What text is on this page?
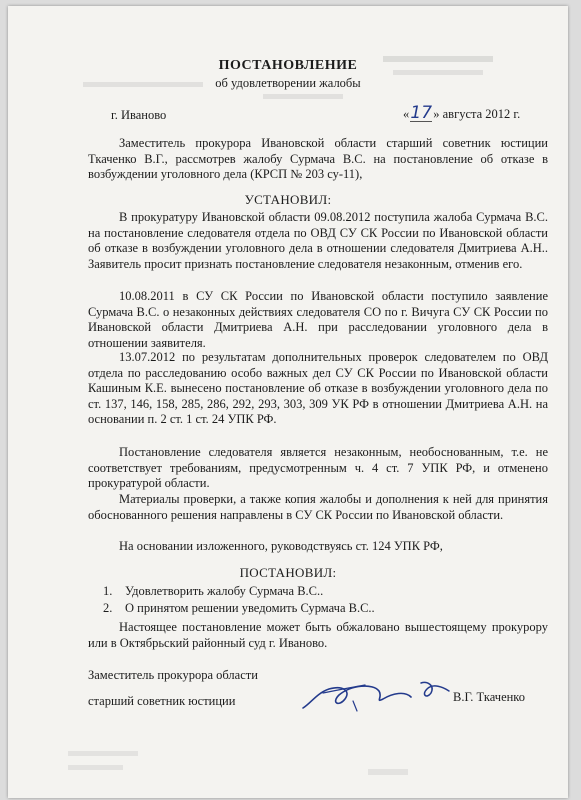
ПОСТАНОВЛЕНИЕ
об удовлетворении жалобы
г. Иваново	«17» августа 2012 г.
Заместитель прокурора Ивановской области старший советник юстиции Ткаченко В.Г., рассмотрев жалобу Сурмача В.С. на постановление об отказе в возбуждении уголовного дела (КРСП № 203 су-11),
УСТАНОВИЛ:
В прокуратуру Ивановской области 09.08.2012 поступила жалоба Сурмача В.С. на постановление следователя отдела по ОВД СУ СК России по Ивановской области об отказе в возбуждении уголовного дела в отношении следователя Дмитриева А.Н.. Заявитель просит признать постановление следователя незаконным, отменив его.
10.08.2011 в СУ СК России по Ивановской области поступило заявление Сурмача В.С. о незаконных действиях следователя СО по г. Вичуга СУ СК России по Ивановской области Дмитриева А.Н. при расследовании уголовного дела в отношении заявителя.
13.07.2012 по результатам дополнительных проверок следователем по ОВД отдела по расследованию особо важных дел СУ СК России по Ивановской области Кашиным К.Е. вынесено постановление об отказе в возбуждении уголовного дела по ст. 137, 146, 158, 285, 286, 292, 293, 303, 309 УК РФ в отношении Дмитриева А.Н. на основании п. 2 ст. 1 ст. 24 УПК РФ.
Постановление следователя является незаконным, необоснованным, т.е. не соответствует требованиям, предусмотренным ч. 4 ст. 7 УПК РФ, и отменено прокуратурой области.
Материалы проверки, а также копия жалобы и дополнения к ней для принятия обоснованного решения направлены в СУ СК России по Ивановской области.
На основании изложенного, руководствуясь ст. 124 УПК РФ,
ПОСТАНОВИЛ:
1. Удовлетворить жалобу Сурмача В.С..
2. О принятом решении уведомить Сурмача В.С..
Настоящее постановление может быть обжаловано вышестоящему прокурору или в Октябрьский районный суд г. Иваново.
Заместитель прокурора области
старший советник юстиции	В.Г. Ткаченко
